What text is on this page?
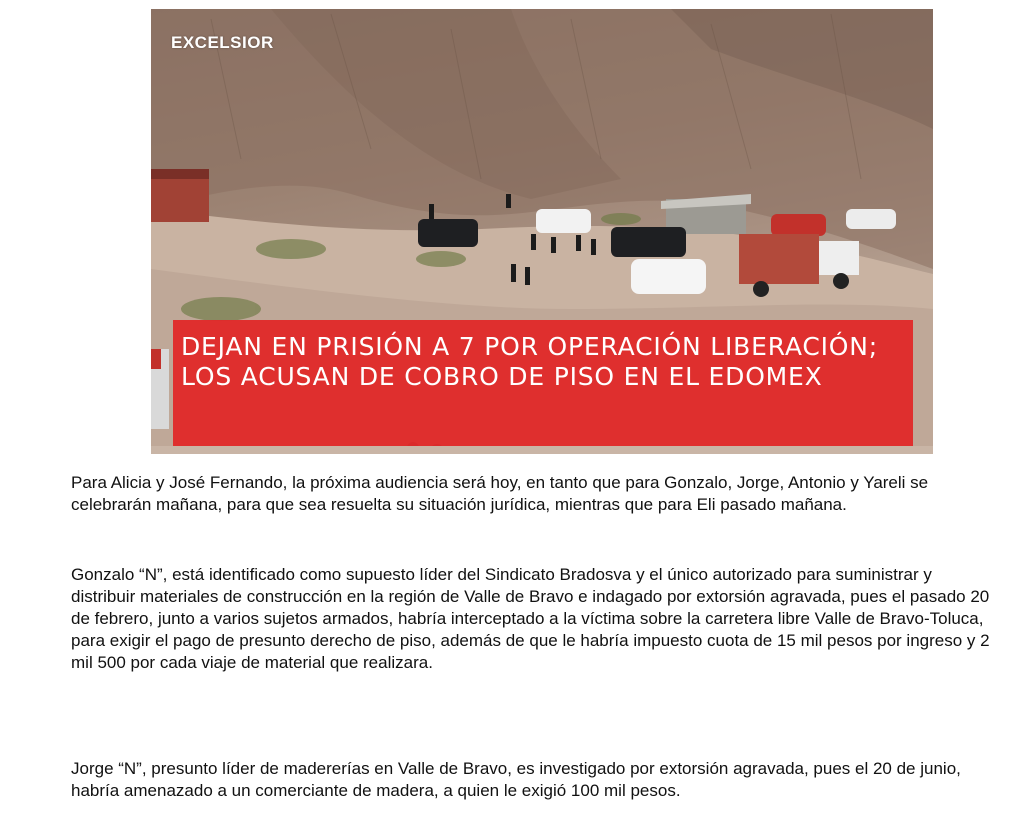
EXCELSIOR
DEJAN EN PRISIÓN A 7 POR OPERACIÓN LIBERACIÓN; LOS ACUSAN DE COBRO DE PISO EN EL EDOMEX

Para Alicia y José Fernando, la próxima audiencia será hoy, en tanto que para Gonzalo, Jorge, Antonio y Yareli se celebrarán mañana, para que sea resuelta su situación jurídica, mientras que para Eli pasado mañana.

Gonzalo “N”, está identificado como supuesto líder del Sindicato Bradosva y el único autorizado para suministrar y distribuir materiales de construcción en la región de Valle de Bravo e indagado por extorsión agravada, pues el pasado 20 de febrero, junto a varios sujetos armados, habría interceptado a la víctima sobre la carretera libre Valle de Bravo-Toluca, para exigir el pago de presunto derecho de piso, además de que le habría impuesto cuota de 15 mil pesos por ingreso y 2 mil 500 por cada viaje de material que realizara.

Jorge “N”, presunto líder de madererías en Valle de Bravo, es investigado por extorsión agravada, pues el 20 de junio, habría amenazado a un comerciante de madera, a quien le exigió 100 mil pesos.
